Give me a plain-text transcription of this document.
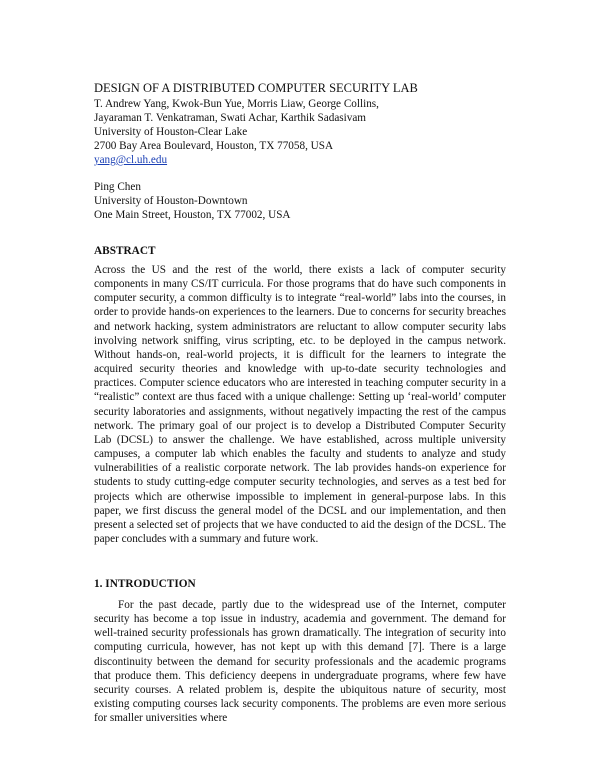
DESIGN OF A DISTRIBUTED COMPUTER SECURITY LAB
T. Andrew Yang, Kwok-Bun Yue, Morris Liaw, George Collins,
Jayaraman T. Venkatraman, Swati Achar, Karthik Sadasivam
University of Houston-Clear Lake
2700 Bay Area Boulevard, Houston, TX 77058, USA
yang@cl.uh.edu
Ping Chen
University of Houston-Downtown
One Main Street, Houston, TX 77002, USA
ABSTRACT

Across the US and the rest of the world, there exists a lack of computer security components in many CS/IT curricula. For those programs that do have such components in computer security, a common difficulty is to integrate “real-world” labs into the courses, in order to provide hands-on experiences to the learners. Due to concerns for security breaches and network hacking, system administrators are reluctant to allow computer security labs involving network sniffing, virus scripting, etc. to be deployed in the campus network. Without hands-on, real-world projects, it is difficult for the learners to integrate the acquired security theories and knowledge with up-to-date security technologies and practices. Computer science educators who are interested in teaching computer security in a “realistic” context are thus faced with a unique challenge: Setting up ‘real-world’ computer security laboratories and assignments, without negatively impacting the rest of the campus network. The primary goal of our project is to develop a Distributed Computer Security Lab (DCSL) to answer the challenge. We have established, across multiple university campuses, a computer lab which enables the faculty and students to analyze and study vulnerabilities of a realistic corporate network. The lab provides hands-on experience for students to study cutting-edge computer security technologies, and serves as a test bed for projects which are otherwise impossible to implement in general-purpose labs. In this paper, we first discuss the general model of the DCSL and our implementation, and then present a selected set of projects that we have conducted to aid the design of the DCSL. The paper concludes with a summary and future work.

1. INTRODUCTION

For the past decade, partly due to the widespread use of the Internet, computer security has become a top issue in industry, academia and government. The demand for well-trained security professionals has grown dramatically. The integration of security into computing curricula, however, has not kept up with this demand [7]. There is a large discontinuity between the demand for security professionals and the academic programs that produce them. This deficiency deepens in undergraduate programs, where few have security courses. A related problem is, despite the ubiquitous nature of security, most existing computing courses lack security components. The problems are even more serious for smaller universities where
